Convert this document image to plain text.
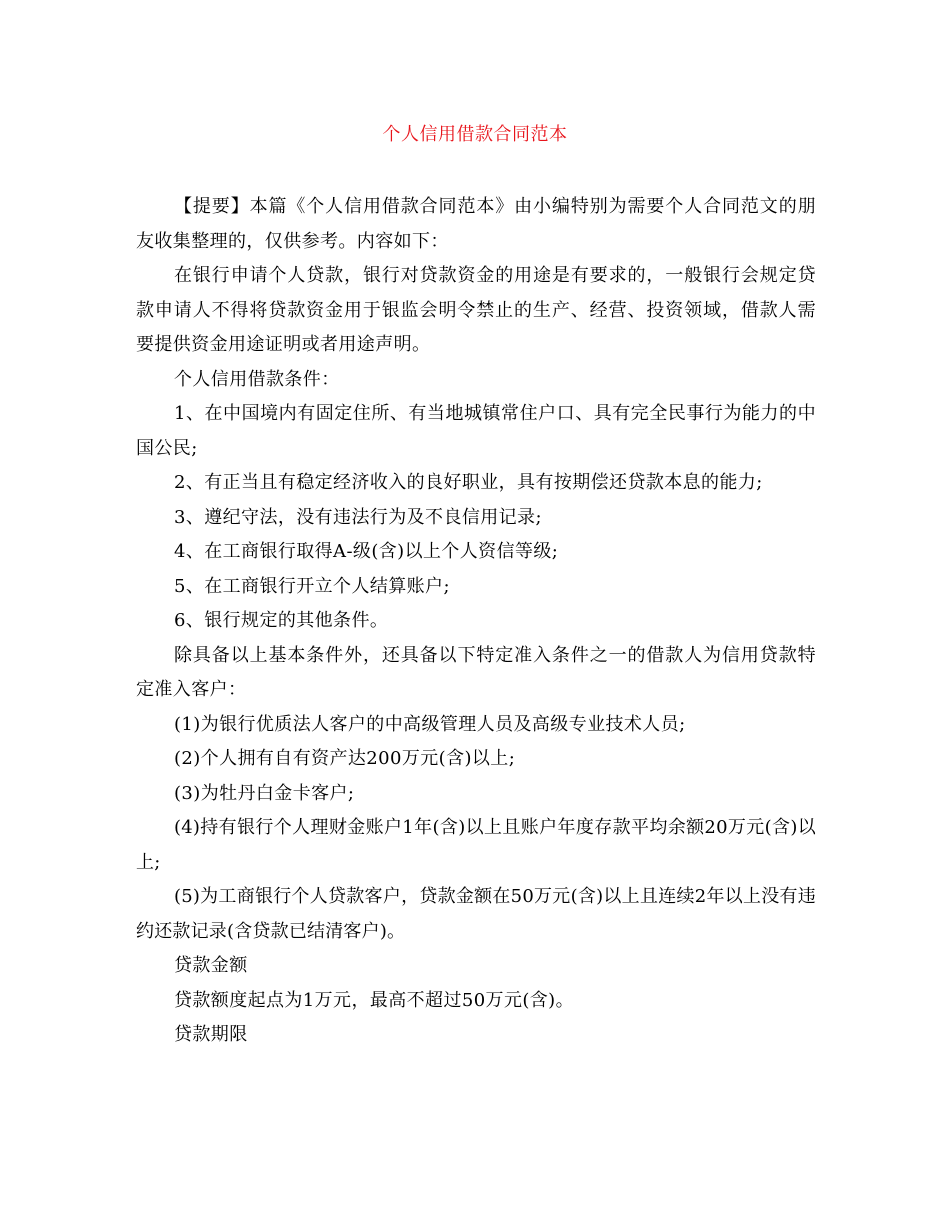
个人信用借款合同范本

【提要】本篇《个人信用借款合同范本》由小编特别为需要个人合同范文的朋友收集整理的，仅供参考。内容如下：

在银行申请个人贷款，银行对贷款资金的用途是有要求的，一般银行会规定贷款申请人不得将贷款资金用于银监会明令禁止的生产、经营、投资领域，借款人需要提供资金用途证明或者用途声明。

个人信用借款条件：

1、在中国境内有固定住所、有当地城镇常住户口、具有完全民事行为能力的中国公民;

2、有正当且有稳定经济收入的良好职业，具有按期偿还贷款本息的能力;

3、遵纪守法，没有违法行为及不良信用记录;

4、在工商银行取得A-级(含)以上个人资信等级;

5、在工商银行开立个人结算账户;

6、银行规定的其他条件。

除具备以上基本条件外，还具备以下特定准入条件之一的借款人为信用贷款特定准入客户：

(1)为银行优质法人客户的中高级管理人员及高级专业技术人员;

(2)个人拥有自有资产达200万元(含)以上;

(3)为牡丹白金卡客户;

(4)持有银行个人理财金账户1年(含)以上且账户年度存款平均余额20万元(含)以上;

(5)为工商银行个人贷款客户，贷款金额在50万元(含)以上且连续2年以上没有违约还款记录(含贷款已结清客户)。

贷款金额

贷款额度起点为1万元，最高不超过50万元(含)。

贷款期限
